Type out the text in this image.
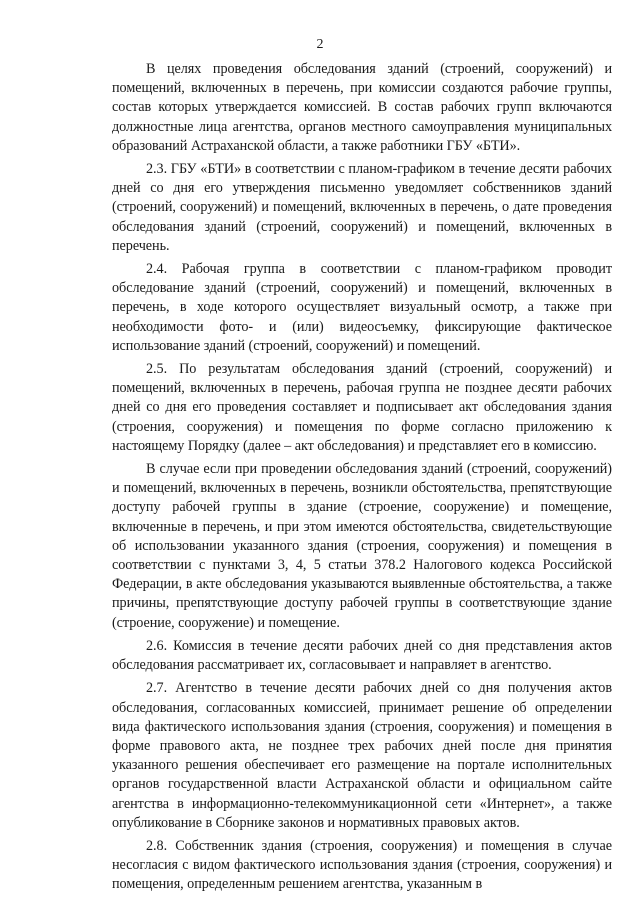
2

В целях проведения обследования зданий (строений, сооружений) и помещений, включенных в перечень, при комиссии создаются рабочие группы, состав которых утверждается комиссией. В состав рабочих групп включаются должностные лица агентства, органов местного самоуправления муниципальных образований Астраханской области, а также работники ГБУ «БТИ».

2.3. ГБУ «БТИ» в соответствии с планом-графиком в течение десяти рабочих дней со дня его утверждения письменно уведомляет собственников зданий (строений, сооружений) и помещений, включенных в перечень, о дате проведения обследования зданий (строений, сооружений) и помещений, включенных в перечень.

2.4. Рабочая группа в соответствии с планом-графиком проводит обследование зданий (строений, сооружений) и помещений, включенных в перечень, в ходе которого осуществляет визуальный осмотр, а также при необходимости фото- и (или) видеосъемку, фиксирующие фактическое использование зданий (строений, сооружений) и помещений.

2.5. По результатам обследования зданий (строений, сооружений) и помещений, включенных в перечень, рабочая группа не позднее десяти рабочих дней со дня его проведения составляет и подписывает акт обследования здания (строения, сооружения) и помещения по форме согласно приложению к настоящему Порядку (далее – акт обследования) и представляет его в комиссию.

В случае если при проведении обследования зданий (строений, сооружений) и помещений, включенных в перечень, возникли обстоятельства, препятствующие доступу рабочей группы в здание (строение, сооружение) и помещение, включенные в перечень, и при этом имеются обстоятельства, свидетельствующие об использовании указанного здания (строения, сооружения) и помещения в соответствии с пунктами 3, 4, 5 статьи 378.2 Налогового кодекса Российской Федерации, в акте обследования указываются выявленные обстоятельства, а также причины, препятствующие доступу рабочей группы в соответствующие здание (строение, сооружение) и помещение.

2.6. Комиссия в течение десяти рабочих дней со дня представления актов обследования рассматривает их, согласовывает и направляет в агентство.

2.7. Агентство в течение десяти рабочих дней со дня получения актов обследования, согласованных комиссией, принимает решение об определении вида фактического использования здания (строения, сооружения) и помещения в форме правового акта, не позднее трех рабочих дней после дня принятия указанного решения обеспечивает его размещение на портале исполнительных органов государственной власти Астраханской области и официальном сайте агентства в информационно-телекоммуникационной сети «Интернет», а также опубликование в Сборнике законов и нормативных правовых актов.

2.8. Собственник здания (строения, сооружения) и помещения в случае несогласия с видом фактического использования здания (строения, сооружения) и помещения, определенным решением агентства, указанным в
